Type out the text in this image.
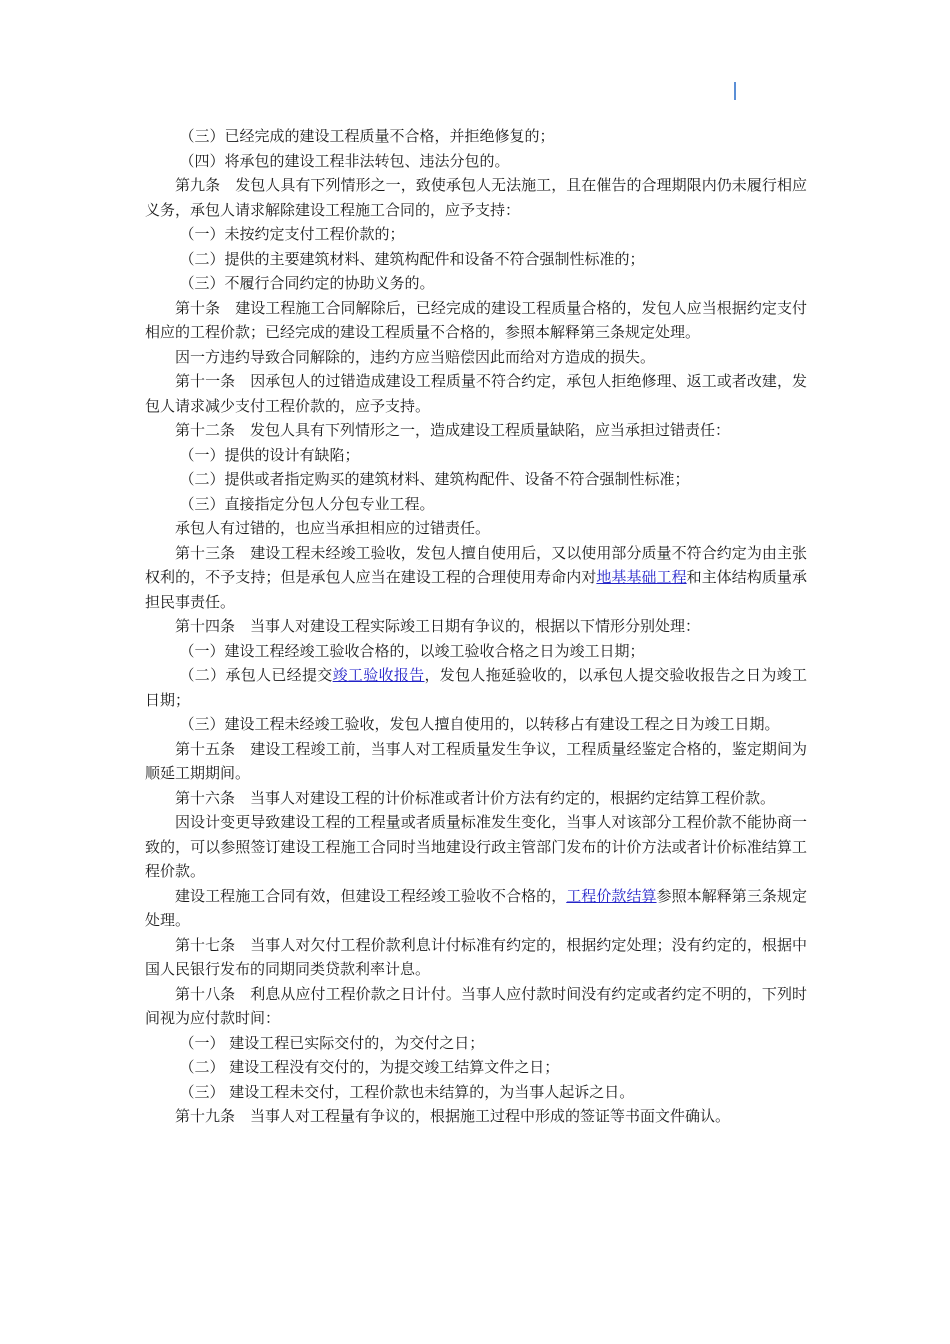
（三）已经完成的建设工程质量不合格，并拒绝修复的；

（四）将承包的建设工程非法转包、违法分包的。

第九条　发包人具有下列情形之一，致使承包人无法施工，且在催告的合理期限内仍未履行相应义务，承包人请求解除建设工程施工合同的，应予支持：

（一）未按约定支付工程价款的；

（二）提供的主要建筑材料、建筑构配件和设备不符合强制性标准的；

（三）不履行合同约定的协助义务的。

第十条　建设工程施工合同解除后，已经完成的建设工程质量合格的，发包人应当根据约定支付相应的工程价款；已经完成的建设工程质量不合格的，参照本解释第三条规定处理。

因一方违约导致合同解除的，违约方应当赔偿因此而给对方造成的损失。

第十一条　因承包人的过错造成建设工程质量不符合约定，承包人拒绝修理、返工或者改建，发包人请求减少支付工程价款的，应予支持。

第十二条　发包人具有下列情形之一，造成建设工程质量缺陷，应当承担过错责任：

（一）提供的设计有缺陷；

（二）提供或者指定购买的建筑材料、建筑构配件、设备不符合强制性标准；

（三）直接指定分包人分包专业工程。

承包人有过错的，也应当承担相应的过错责任。

第十三条　建设工程未经竣工验收，发包人擅自使用后，又以使用部分质量不符合约定为由主张权利的，不予支持；但是承包人应当在建设工程的合理使用寿命内对地基基础工程和主体结构质量承担民事责任。

第十四条　当事人对建设工程实际竣工日期有争议的，根据以下情形分别处理：

（一）建设工程经竣工验收合格的，以竣工验收合格之日为竣工日期；

（二）承包人已经提交竣工验收报告，发包人拖延验收的，以承包人提交验收报告之日为竣工日期；

（三）建设工程未经竣工验收，发包人擅自使用的，以转移占有建设工程之日为竣工日期。

第十五条　建设工程竣工前，当事人对工程质量发生争议，工程质量经鉴定合格的，鉴定期间为顺延工期期间。

第十六条　当事人对建设工程的计价标准或者计价方法有约定的，根据约定结算工程价款。

因设计变更导致建设工程的工程量或者质量标准发生变化，当事人对该部分工程价款不能协商一致的，可以参照签订建设工程施工合同时当地建设行政主管部门发布的计价方法或者计价标准结算工程价款。

建设工程施工合同有效，但建设工程经竣工验收不合格的，工程价款结算参照本解释第三条规定处理。

第十七条　当事人对欠付工程价款利息计付标准有约定的，根据约定处理；没有约定的，根据中国人民银行发布的同期同类贷款利率计息。

第十八条　利息从应付工程价款之日计付。当事人应付款时间没有约定或者约定不明的，下列时间视为应付款时间：

（一） 建设工程已实际交付的，为交付之日；

（二） 建设工程没有交付的，为提交竣工结算文件之日；

（三） 建设工程未交付，工程价款也未结算的，为当事人起诉之日。

第十九条　当事人对工程量有争议的，根据施工过程中形成的签证等书面文件确认。
